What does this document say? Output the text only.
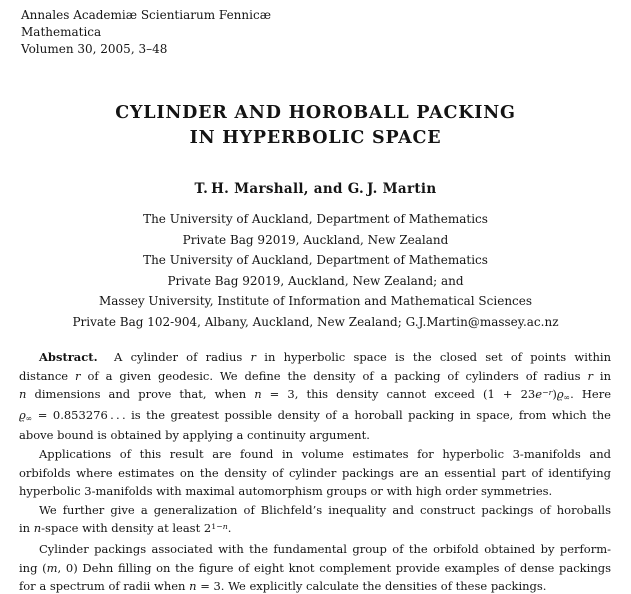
Annales Academiæ Scientiarum Fennicæ
Mathematica
Volumen 30, 2005, 3–48
CYLINDER AND HOROBALL PACKING
IN HYPERBOLIC SPACE
T. H. Marshall, and G. J. Martin
The University of Auckland, Department of Mathematics
Private Bag 92019, Auckland, New Zealand
The University of Auckland, Department of Mathematics
Private Bag 92019, Auckland, New Zealand; and
Massey University, Institute of Information and Mathematical Sciences
Private Bag 102-904, Albany, Auckland, New Zealand; G.J.Martin@massey.ac.nz
Abstract.  A cylinder of radius r in hyperbolic space is the closed set of points within
distance r of a given geodesic. We define the density of a packing of cylinders of radius r in
n dimensions and prove that, when n = 3, this density cannot exceed $(1 + 23e^{-r})ϱ\infty$. Here
ϱ∞ = 0.853276 . . . is the greatest possible density of a horoball packing in space, from which the
above bound is obtained by applying a continuity argument.
Applications of this result are found in volume estimates for hyperbolic 3-manifolds and
orbifolds where estimates on the density of cylinder packings are an essential part of identifying
hyperbolic 3-manifolds with maximal automorphism groups or with high order symmetries.
We further give a generalization of Blichfeld’s inequality and construct packings of horoballs
in n-space with density at least $2^{1-n}$.
Cylinder packings associated with the fundamental group of the orbifold obtained by perform-
ing (m, 0) Dehn filling on the figure of eight knot complement provide examples of dense packings
for a spectrum of radii when n = 3. We explicitly calculate the densities of these packings.
